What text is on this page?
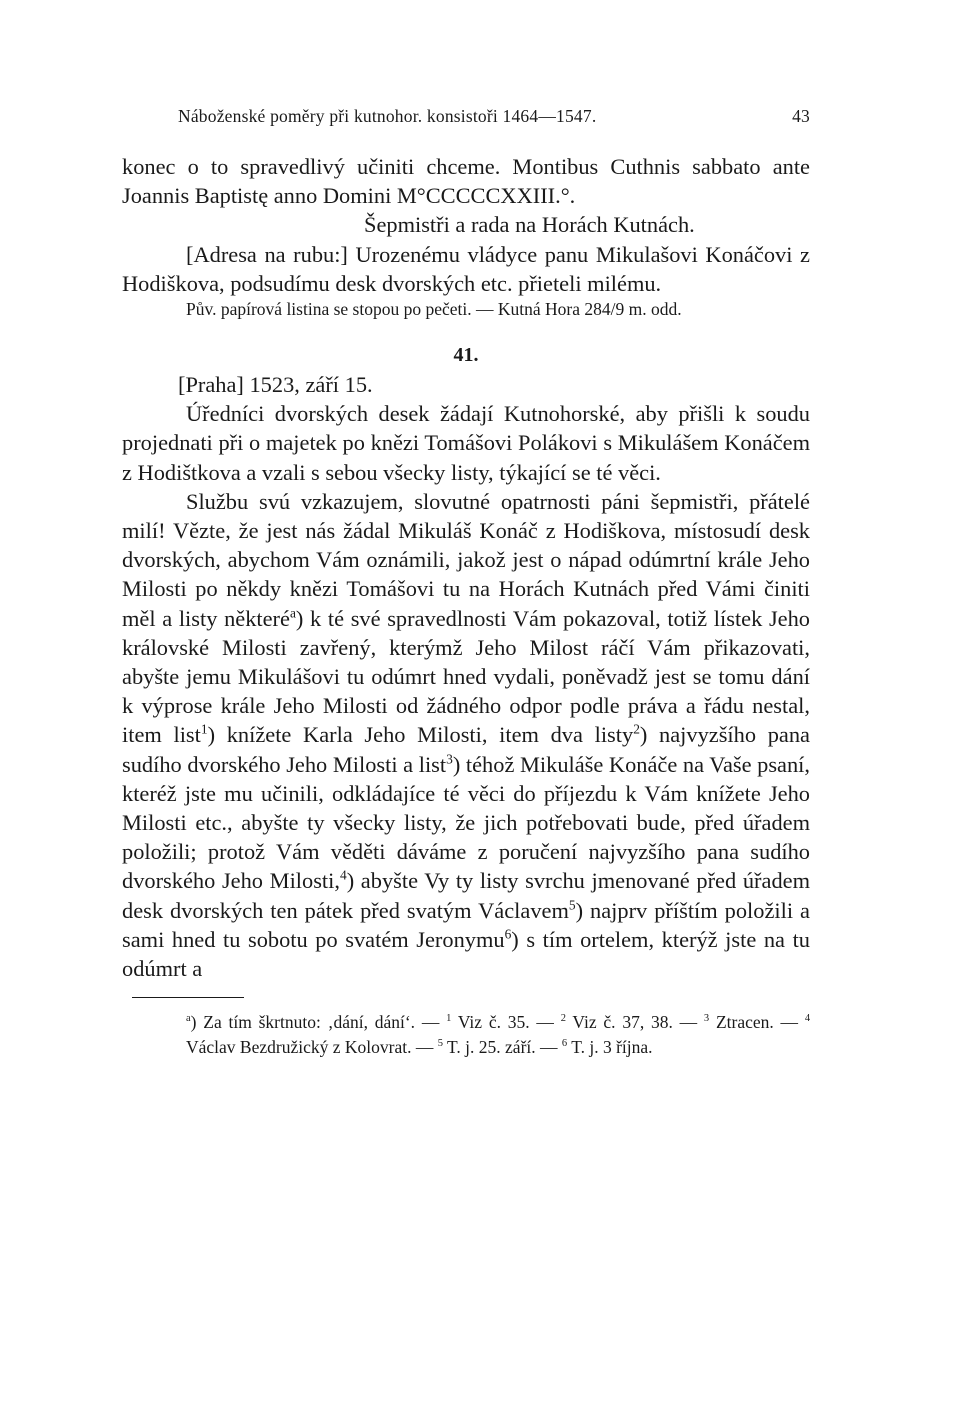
Náboženské poměry při kutnohor. konsistoři 1464—1547.	43

konec o to spravedlivý učiniti chceme. Montibus Cuthnis sabbato ante Joannis Baptistę anno Domini M°CCCCCXXIII.°.

Šepmistři a rada na Horách Kutnách.

[Adresa na rubu:] Urozenému vládyce panu Mikulašovi Konáčovi z Hodiškova, podsudímu desk dvorských etc. přieteli milému.

Pův. papírová listina se stopou po pečeti. — Kutná Hora 284/9 m. odd.

41.

[Praha] 1523, září 15.

Úředníci dvorských desek žádají Kutnohorské, aby přišli k soudu projednati při o majetek po knězi Tomášovi Polákovi s Mikulášem Konáčem z Hodištkova a vzali s sebou všecky listy, týkající se té věci.

Službu svú vzkazujem, slovutné opatrnosti páni šepmistři, přátelé milí! Vězte, že jest nás žádal Mikuláš Konáč z Hodiškova, místosudí desk dvorských, abychom Vám oznámili, jakož jest o nápad odúmrtní krále Jeho Milosti po někdy knězi Tomášovi tu na Horách Kutnách před Vámi činiti měl a listy některé$^a$) k té své spravedlnosti Vám pokazoval, totiž lístek Jeho královské Milosti zavřený, kterýmž Jeho Milost ráčí Vám přikazovati, abyšte jemu Mikulášovi tu odúmrt hned vydali, poněvadž jest se tomu dání k výprose krále Jeho Milosti od žádného odpor podle práva a řádu nestal, item list$^1$) knížete Karla Jeho Milosti, item dva listy$^2$) najvyzšího pana sudího dvorského Jeho Milosti a list$^3$) téhož Mikuláše Konáče na Vaše psaní, kteréž jste mu učinili, odkládajíce té věci do příjezdu k Vám knížete Jeho Milosti etc., abyšte ty všecky listy, že jich potřebovati bude, před úřadem položili; protož Vám věděti dáváme z poručení najvyzšího pana sudího dvorského Jeho Milosti,$^4$) abyšte Vy ty listy svrchu jmenované před úřadem desk dvorských ten pátek před svatým Václavem$^5$) najprv příštím položili a sami hned tu sobotu po svatém Jeronymu$^6$) s tím ortelem, kterýž jste na tu odúmrt a

$^a$) Za tím škrtnuto: ‚dání, dání‘. — $^1$ Viz č. 35. — $^2$ Viz č. 37, 38. — $^3$ Ztracen. — $^4$ Václav Bezdružický z Kolovrat. — $^5$ T. j. 25. září. — $^6$ T. j. 3 října.
